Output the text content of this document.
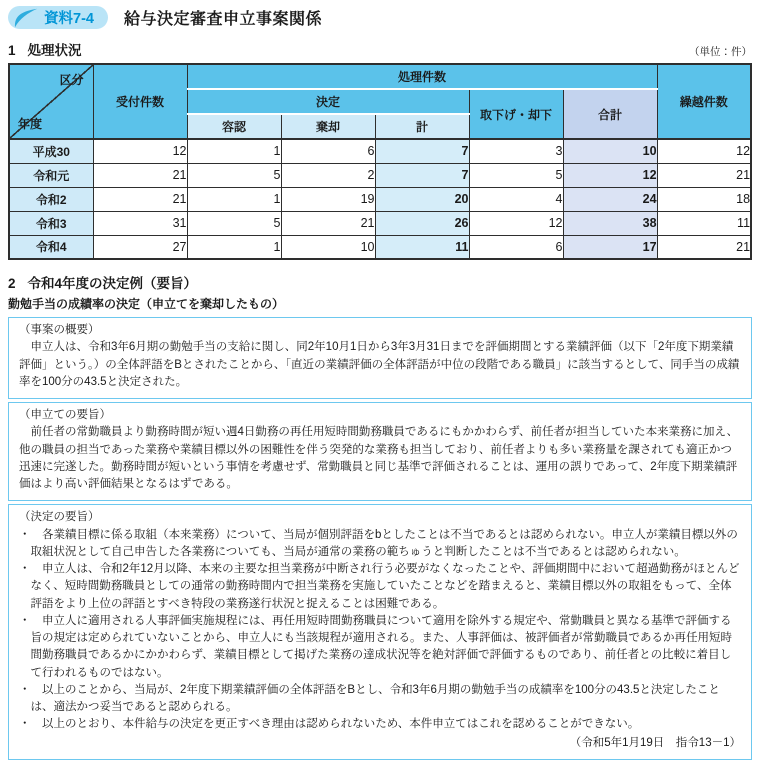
資料7-4 給与決定審査申立事案関係
1 処理状況	（単位：件）
区分
年度	受付件数	処理件数					繰越件数
		決定			取下げ・却下	合計	
		容認	棄却	計			
平成30	12	1	6	7	3	10	12
令和元	21	5	2	7	5	12	21
令和2	21	1	19	20	4	24	18
令和3	31	5	21	26	12	38	11
令和4	27	1	10	11	6	17	21
2 令和4年度の決定例（要旨）
勤勉手当の成績率の決定（申立てを棄却したもの）
（事案の概要）

申立人は、令和3年6月期の勤勉手当の支給に関し、同2年10月1日から3年3月31日までを評価期間とする業績評価（以下「2年度下期業績評価」という。）の全体評語をBとされたことから、「直近の業績評価の全体評語が中位の段階である職員」に該当するとして、同手当の成績率を100分の43.5と決定された。

（申立ての要旨）

前任者の常勤職員より勤務時間が短い週4日勤務の再任用短時間勤務職員であるにもかかわらず、前任者が担当していた本来業務に加え、他の職員の担当であった業務や業績目標以外の困難性を伴う突発的な業務も担当しており、前任者よりも多い業務量を課されても適正かつ迅速に完遂した。勤務時間が短いという事情を考慮せず、常勤職員と同じ基準で評価されることは、運用の誤りであって、2年度下期業績評価はより高い評価結果となるはずである。

（決定の要旨）
・　各業績目標に係る取組（本来業務）について、当局が個別評語をbとしたことは不当であるとは認められない。申立人が業績目標以外の取組状況として自己申告した各業務についても、当局が通常の業務の範ちゅうと判断したことは不当であるとは認められない。
・　申立人は、令和2年12月以降、本来の主要な担当業務が中断され行う必要がなくなったことや、評価期間中において超過勤務がほとんどなく、短時間勤務職員としての通常の勤務時間内で担当業務を実施していたことなどを踏まえると、業績目標以外の取組をもって、全体評語をより上位の評語とすべき特段の業務遂行状況と捉えることは困難である。
・　申立人に適用される人事評価実施規程には、再任用短時間勤務職員について適用を除外する規定や、常勤職員と異なる基準で評価する旨の規定は定められていないことから、申立人にも当該規程が適用される。また、人事評価は、被評価者が常勤職員であるか再任用短時間勤務職員であるかにかかわらず、業績目標として掲げた業務の達成状況等を絶対評価で評価するものであり、前任者との比較に着目して行われるものではない。
・　以上のことから、当局が、2年度下期業績評価の全体評語をBとし、令和3年6月期の勤勉手当の成績率を100分の43.5と決定したことは、適法かつ妥当であると認められる。
・　以上のとおり、本件給与の決定を更正すべき理由は認められないため、本件申立てはこれを認めることができない。
（令和5年1月19日　指令13－1）
